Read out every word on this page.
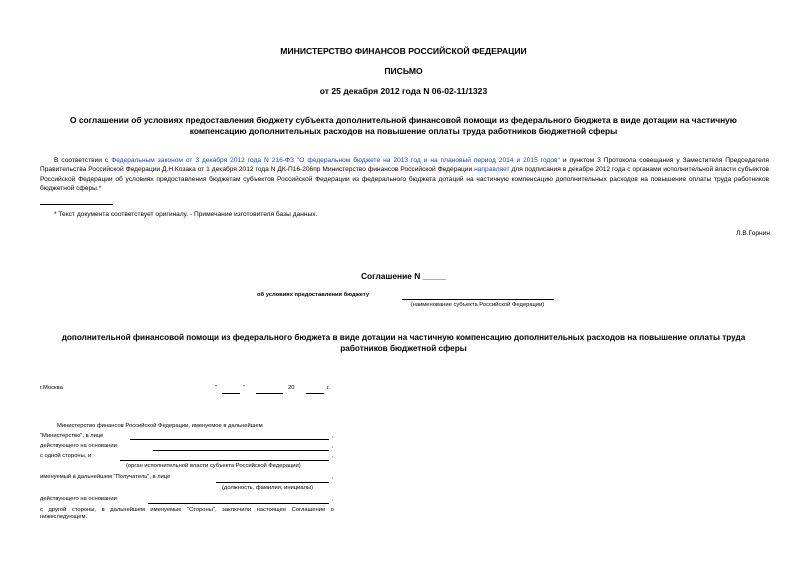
МИНИСТЕРСТВО ФИНАНСОВ РОССИЙСКОЙ ФЕДЕРАЦИИ
ПИСЬМО
от 25 декабря 2012 года N 06-02-11/1323
О соглашении об условиях предоставления бюджету субъекта дополнительной финансовой помощи из федерального бюджета в виде дотации на частичную компенсацию дополнительных расходов на повышение оплаты труда работников бюджетной сферы
В соответствии с Федеральным законом от 3 декабря 2012 года N 216-ФЗ "О федеральном бюджете на 2013 год и на плановый период 2014 и 2015 годов" и пунктом 3 Протокола совещания у Заместителя Председателя Правительства Российской Федерации Д.Н.Козака от 1 декабря 2012 года N ДК-П16-206пр Министерство финансов Российской Федерации направляет для подписания в декабре 2012 года с органами исполнительной власти субъектов Российской Федерации об условиях предоставления бюджетам субъектов Российской Федерации из федерального бюджета дотаций на частичную компенсацию дополнительных расходов на повышение оплаты труда работников бюджетной сферы.*
* Текст документа соответствует оригиналу. - Примечание изготовителя базы данных.
Л.В.Горнин
Соглашение N _____
об условиях предоставления бюджету
(наименование субъекта Российской Федерации)
дополнительной финансовой помощи из федерального бюджета в виде дотации на частичную компенсацию дополнительных расходов на повышение оплаты труда работников бюджетной сферы
г.Москва	"	"	20	г.
Министерство финансов Российской Федерации, именуемое в дальнейшем
"Министерство", в лице	,
действующего на основании	,
с одной стороны, и	,
(орган исполнительной власти субъекта Российской Федерации)
именуемый в дальнейшем "Получатель", в лице	,
(должность, фамилия, инициалы)
действующего на основании	,
с другой стороны, в дальнейшем именуемые "Стороны", заключили настоящее Соглашение о нижеследующем.
